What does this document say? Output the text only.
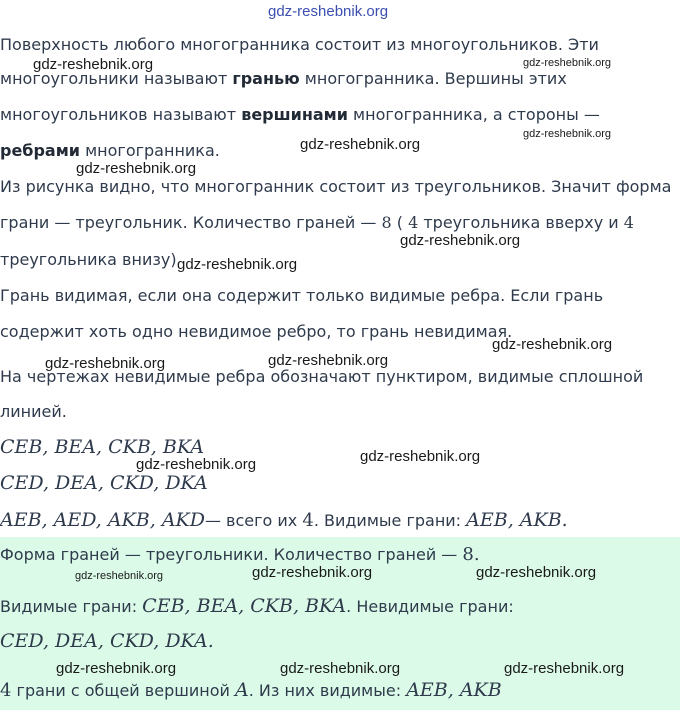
Поверхность любого многогранника состоит из многоугольников. Эти
многоугольники называют гранью многогранника. Вершины этих
многоугольников называют вершинами многогранника, а стороны —
ребрами многогранника.
Из рисунка видно, что многогранник состоит из треугольников. Значит форма
грани — треугольник. Количество граней — 8 ( 4 треугольника вверху и 4
треугольника внизу)
Грань видимая, если она содержит только видимые ребра. Если грань
содержит хоть одно невидимое ребро, то грань невидимая.
На чертежах невидимые ребра обозначают пунктиром, видимые сплошной
линией.
CEB, BEA, CKB, BKA
CED, DEA, CKD, DKA
AEB, AED, AKB, AKD— всего их 4. Видимые грани: AEB, AKB.
Форма граней — треугольники. Количество граней — 8.
Видимые грани: CEB, BEA, CKB, BKA. Невидимые грани:
CED, DEA, CKD, DKA.
4 грани с общей вершиной A. Из них видимые: AEB, AKB
gdz-reshebnik.org
gdz-reshebnik.org	gdz-reshebnik.org
gdz-reshebnik.org
gdz-reshebnik.org
gdz-reshebnik.org
gdz-reshebnik.org
gdz-reshebnik.org
gdz-reshebnik.org
gdz-reshebnik.org	gdz-reshebnik.org
gdz-reshebnik.org	gdz-reshebnik.org
gdz-reshebnik.org	gdz-reshebnik.org	gdz-reshebnik.org
gdz-reshebnik.org	gdz-reshebnik.org	gdz-reshebnik.org
